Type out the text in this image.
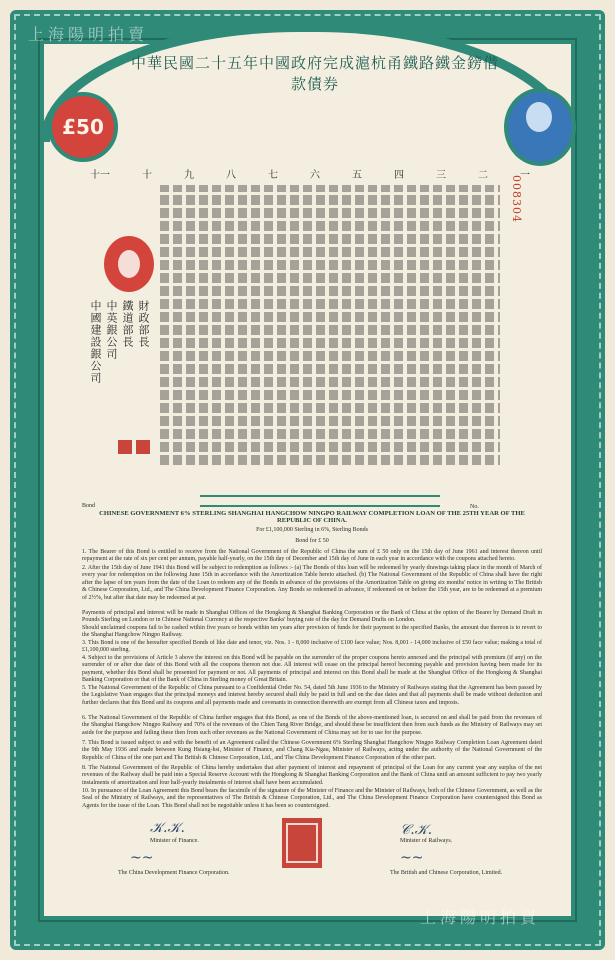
中華民國二十五年中國政府完成滬杭甬鐵路鐵金鎊借款債券
£50
上海陽明拍賣
上海陽明拍賣
一
二
三
四
五
六
七
八
九
十
十一	008304
財政部長
鐵道部長
中英銀公司
中國建設銀公司
Bond	No.
CHINESE GOVERNMENT 6% STERLING SHANGHAI HANGCHOW NINGPO RAILWAY COMPLETION LOAN OF THE 25TH YEAR OF THE REPUBLIC OF CHINA.
For £1,100,000 Sterling in 6%, Sterling Bonds
Bond for £ 50
1. The Bearer of this Bond is entitled to receive from the National Government of the Republic of China the sum of £ 50 only on the 15th day of June 1961 and interest thereon until repayment at the rate of six per cent per annum, payable half-yearly, on the 15th day of December and 15th day of June in each year in accordance with the coupons attached hereto.
2. After the 15th day of June 1941 this Bond will be subject to redemption as follows :- (a) The Bonds of this loan will be redeemed by yearly drawings taking place in the month of March of every year for redemption on the following June 15th in accordance with the Amortization Table hereto attached. (b) The National Government of the Republic of China shall have the right after the lapse of ten years from the date of the Loan to redeem any of the Bonds in advance of the provisions of the Amortization Table on giving six months' notice in writing to The British & Chinese Corporation, Ltd., and The China Development Finance Corporation. Any Bonds so redeemed in advance, if redeemed on or before the 15th year, are to be redeemed at a premium of 2½%, but after that date may be redeemed at par.
Payments of principal and interest will be made in Shanghai Offices of the Hongkong & Shanghai Banking Corporation or the Bank of China at the option of the Bearer by Demand Draft in Pounds Sterling on London or in Chinese National Currency at the respective Banks' buying rate of the day for Demand Drafts on London.
Should unclaimed coupons fail to be cashed within five years or bonds within ten years after provision of funds for their payment to the specified Banks, the amount due thereon is to revert to the Shanghai Hangchow Ningpo Railway.
3. This Bond is one of the hereafter specified Bonds of like date and tenor, viz. Nos. 1 - 8,000 inclusive of £100 face value; Nos. 8,001 - 14,000 inclusive of £50 face value; making a total of £1,100,000 sterling.
4. Subject to the provisions of Article 3 above the interest on this Bond will be payable on the surrender of the proper coupons hereto annexed and the principal with premium (if any) on the surrender of or after due date of this Bond with all the coupons thereon not due. All interest will cease on the principal hereof becoming payable and provision having been made for its payment, whether this Bond shall be presented for payment or not. All payments of principal and interest on this Bond shall be made at the Shanghai Office of the Hongkong & Shanghai Banking Corporation or that of the Bank of China in Sterling money of Great Britain.
5. The National Government of the Republic of China pursuant to a Confidential Order No. 54, dated 5th June 1936 to the Ministry of Railways stating that the Agreement has been passed by the Legislative Yuan engages that the principal moneys and interest hereby secured shall duly be paid in full and on the due dates and that all payments shall be made without deduction and further declares that this Bond and its coupons and all payments made and covenants in connection therewith are exempt from all Chinese taxes and imposts.
6. The National Government of the Republic of China further engages that this Bond, as one of the Bonds of the above-mentioned loan, is secured on and shall be paid from the revenues of the Shanghai Hangchow Ningpo Railway and 70% of the revenues of the Chien Tang River Bridge, and should these be insufficient then from such funds as the Ministry of Railways may set aside for the purpose and failing these then from such other revenues as the National Government of China may set for to use for the purpose.
7. This Bond is issued subject to and with the benefit of an Agreement called the Chinese Government 6% Sterling Shanghai Hangchow Ningpo Railway Completion Loan Agreement dated the 9th May 1936 and made between Kung Hsiang-hsi, Minister of Finance, and Chang Kia-Ngau, Minister of Railways, acting under the authority of the National Government of the Republic of China of the one part and The British & Chinese Corporation, Ltd., and The China Development Finance Corporation of the other part.
8. The National Government of the Republic of China hereby undertakes that after payment of interest and repayment of principal of the Loan for any current year any surplus of the net revenues of the Railway shall be paid into a Special Reserve Account with the Hongkong & Shanghai Banking Corporation and the Bank of China until an amount sufficient to pay two yearly instalments of amortization and four half-yearly instalments of interest shall have been accumulated.
10. In pursuance of the Loan Agreement this Bond bears the facsimile of the signature of the Minister of Finance and the Minister of Railways, both of the Chinese Government, as well as the Seal of the Ministry of Railways, and the representatives of The British & Chinese Corporation, Ltd., and The China Development Finance Corporation have countersigned this Bond as Agents for the issue of the Loan. This Bond shall not be negotiable unless it has been so countersigned.
𝒦.𝒦.
Minister of Finance.
𝒞.𝒦.
Minister of Railways.
~~
The China Development Finance Corporation.
~~
The British and Chinese Corporation, Limited.
